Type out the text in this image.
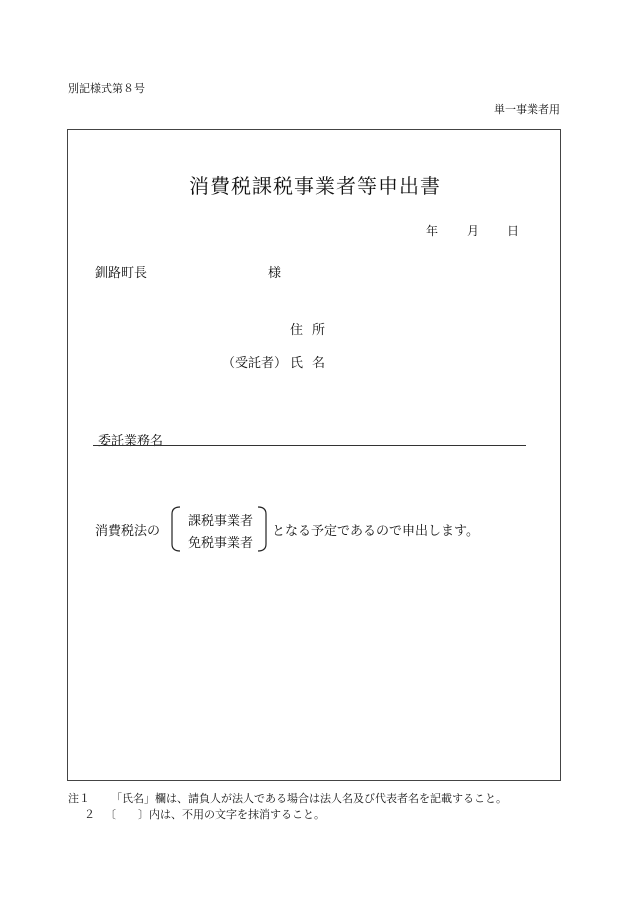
別記様式第８号
単一事業者用
消費税課税事業者等申出書
年 月 日
釧路町長	様
住所
（受託者） 氏名
委託業務名
消費税法の
課税事業者
免税事業者
となる予定であるので申出します。
注１ 「氏名」欄は、請負人が法人である場合は法人名及び代表者名を記載すること。
２ 〔　　〕内は、不用の文字を抹消すること。
